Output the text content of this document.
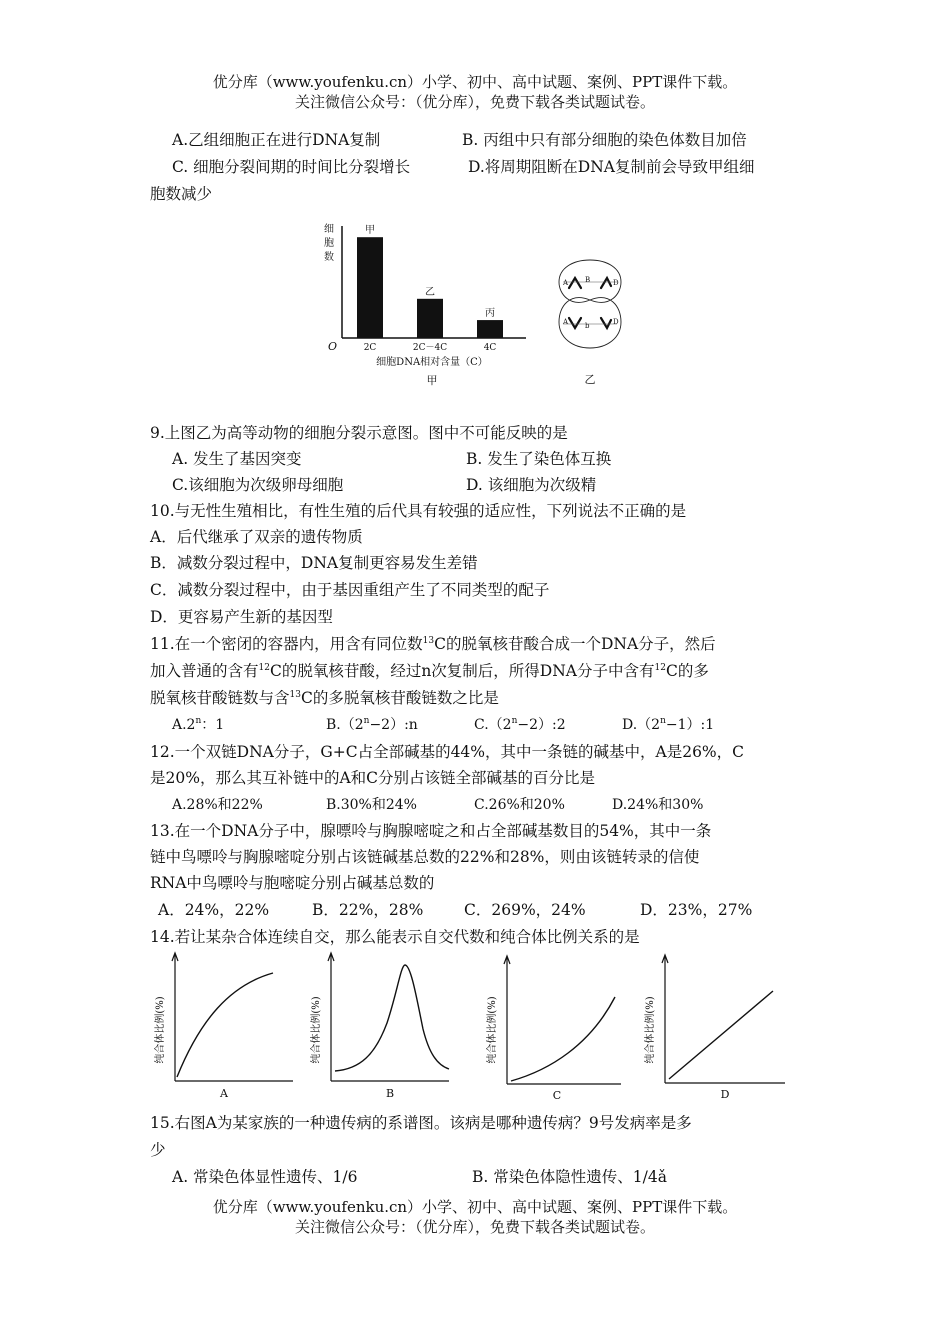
优分库（www.youfenku.cn）小学、初中、高中试题、案例、PPT课件下载。
关注微信公众号：（优分库），免费下载各类试题试卷。
A.乙组细胞正在进行DNA复制	B. 丙组中只有部分细胞的染色体数目加倍
C. 细胞分裂间期的时间比分裂增长	D.将周期阻断在DNA复制前会导致甲组细
胞数减少
细
胞
数
O
甲
2C
乙
2C－4C
丙
4C
细胞DNA相对含量（C）
甲
A B	D
A b	D
乙
9.上图乙为高等动物的细胞分裂示意图。图中不可能反映的是
A. 发生了基因突变	B. 发生了染色体互换
C.该细胞为次级卵母细胞	D. 该细胞为次级精
10.与无性生殖相比，有性生殖的后代具有较强的适应性，下列说法不正确的是
A．后代继承了双亲的遗传物质
B．减数分裂过程中，DNA复制更容易发生差错
C．减数分裂过程中，由于基因重组产生了不同类型的配子
D．更容易产生新的基因型
11.在一个密闭的容器内，用含有同位数$^{13}$C的脱氧核苷酸合成一个DNA分子，然后
加入普通的含有$^{12}$C的脱氧核苷酸，经过n次复制后，所得DNA分子中含有$^{12}$C的多
脱氧核苷酸链数与含$^{13}$C的多脱氧核苷酸链数之比是
A.2$^n$：1	$B.(2^n-2):n$	$C.(2^n-2):2$	$D.(2^n-1):1$
12.一个双链DNA分子，G+C占全部碱基的44%，其中一条链的碱基中，A是26%，C
是20%，那么其互补链中的A和C分别占该链全部碱基的百分比是
A.28%和22%	B.30%和24%	C.26%和20%	D.24%和30%
13.在一个DNA分子中，腺嘌呤与胸腺嘧啶之和占全部碱基数目的54%，其中一条
链中鸟嘌呤与胸腺嘧啶分别占该链碱基总数的22%和28%，则由该链转录的信使
RNA中鸟嘌呤与胞嘧啶分别占碱基总数的
A．24%，22%	B．22%，28%	C．269%，24%	D．23%，27%
14.若让某杂合体连续自交，那么能表示自交代数和纯合体比例关系的是
纯合体比例(%)
A
纯合体比例(%)
B
纯合体比例(%)
C
纯合体比例(%)
D
15.右图A为某家族的一种遗传病的系谱图。该病是哪种遗传病？9号发病率是多
少
A. 常染色体显性遗传、1/6	B. 常染色体隐性遗传、1/4ǎ
优分库（www.youfenku.cn）小学、初中、高中试题、案例、PPT课件下载。
关注微信公众号：（优分库），免费下载各类试题试卷。
